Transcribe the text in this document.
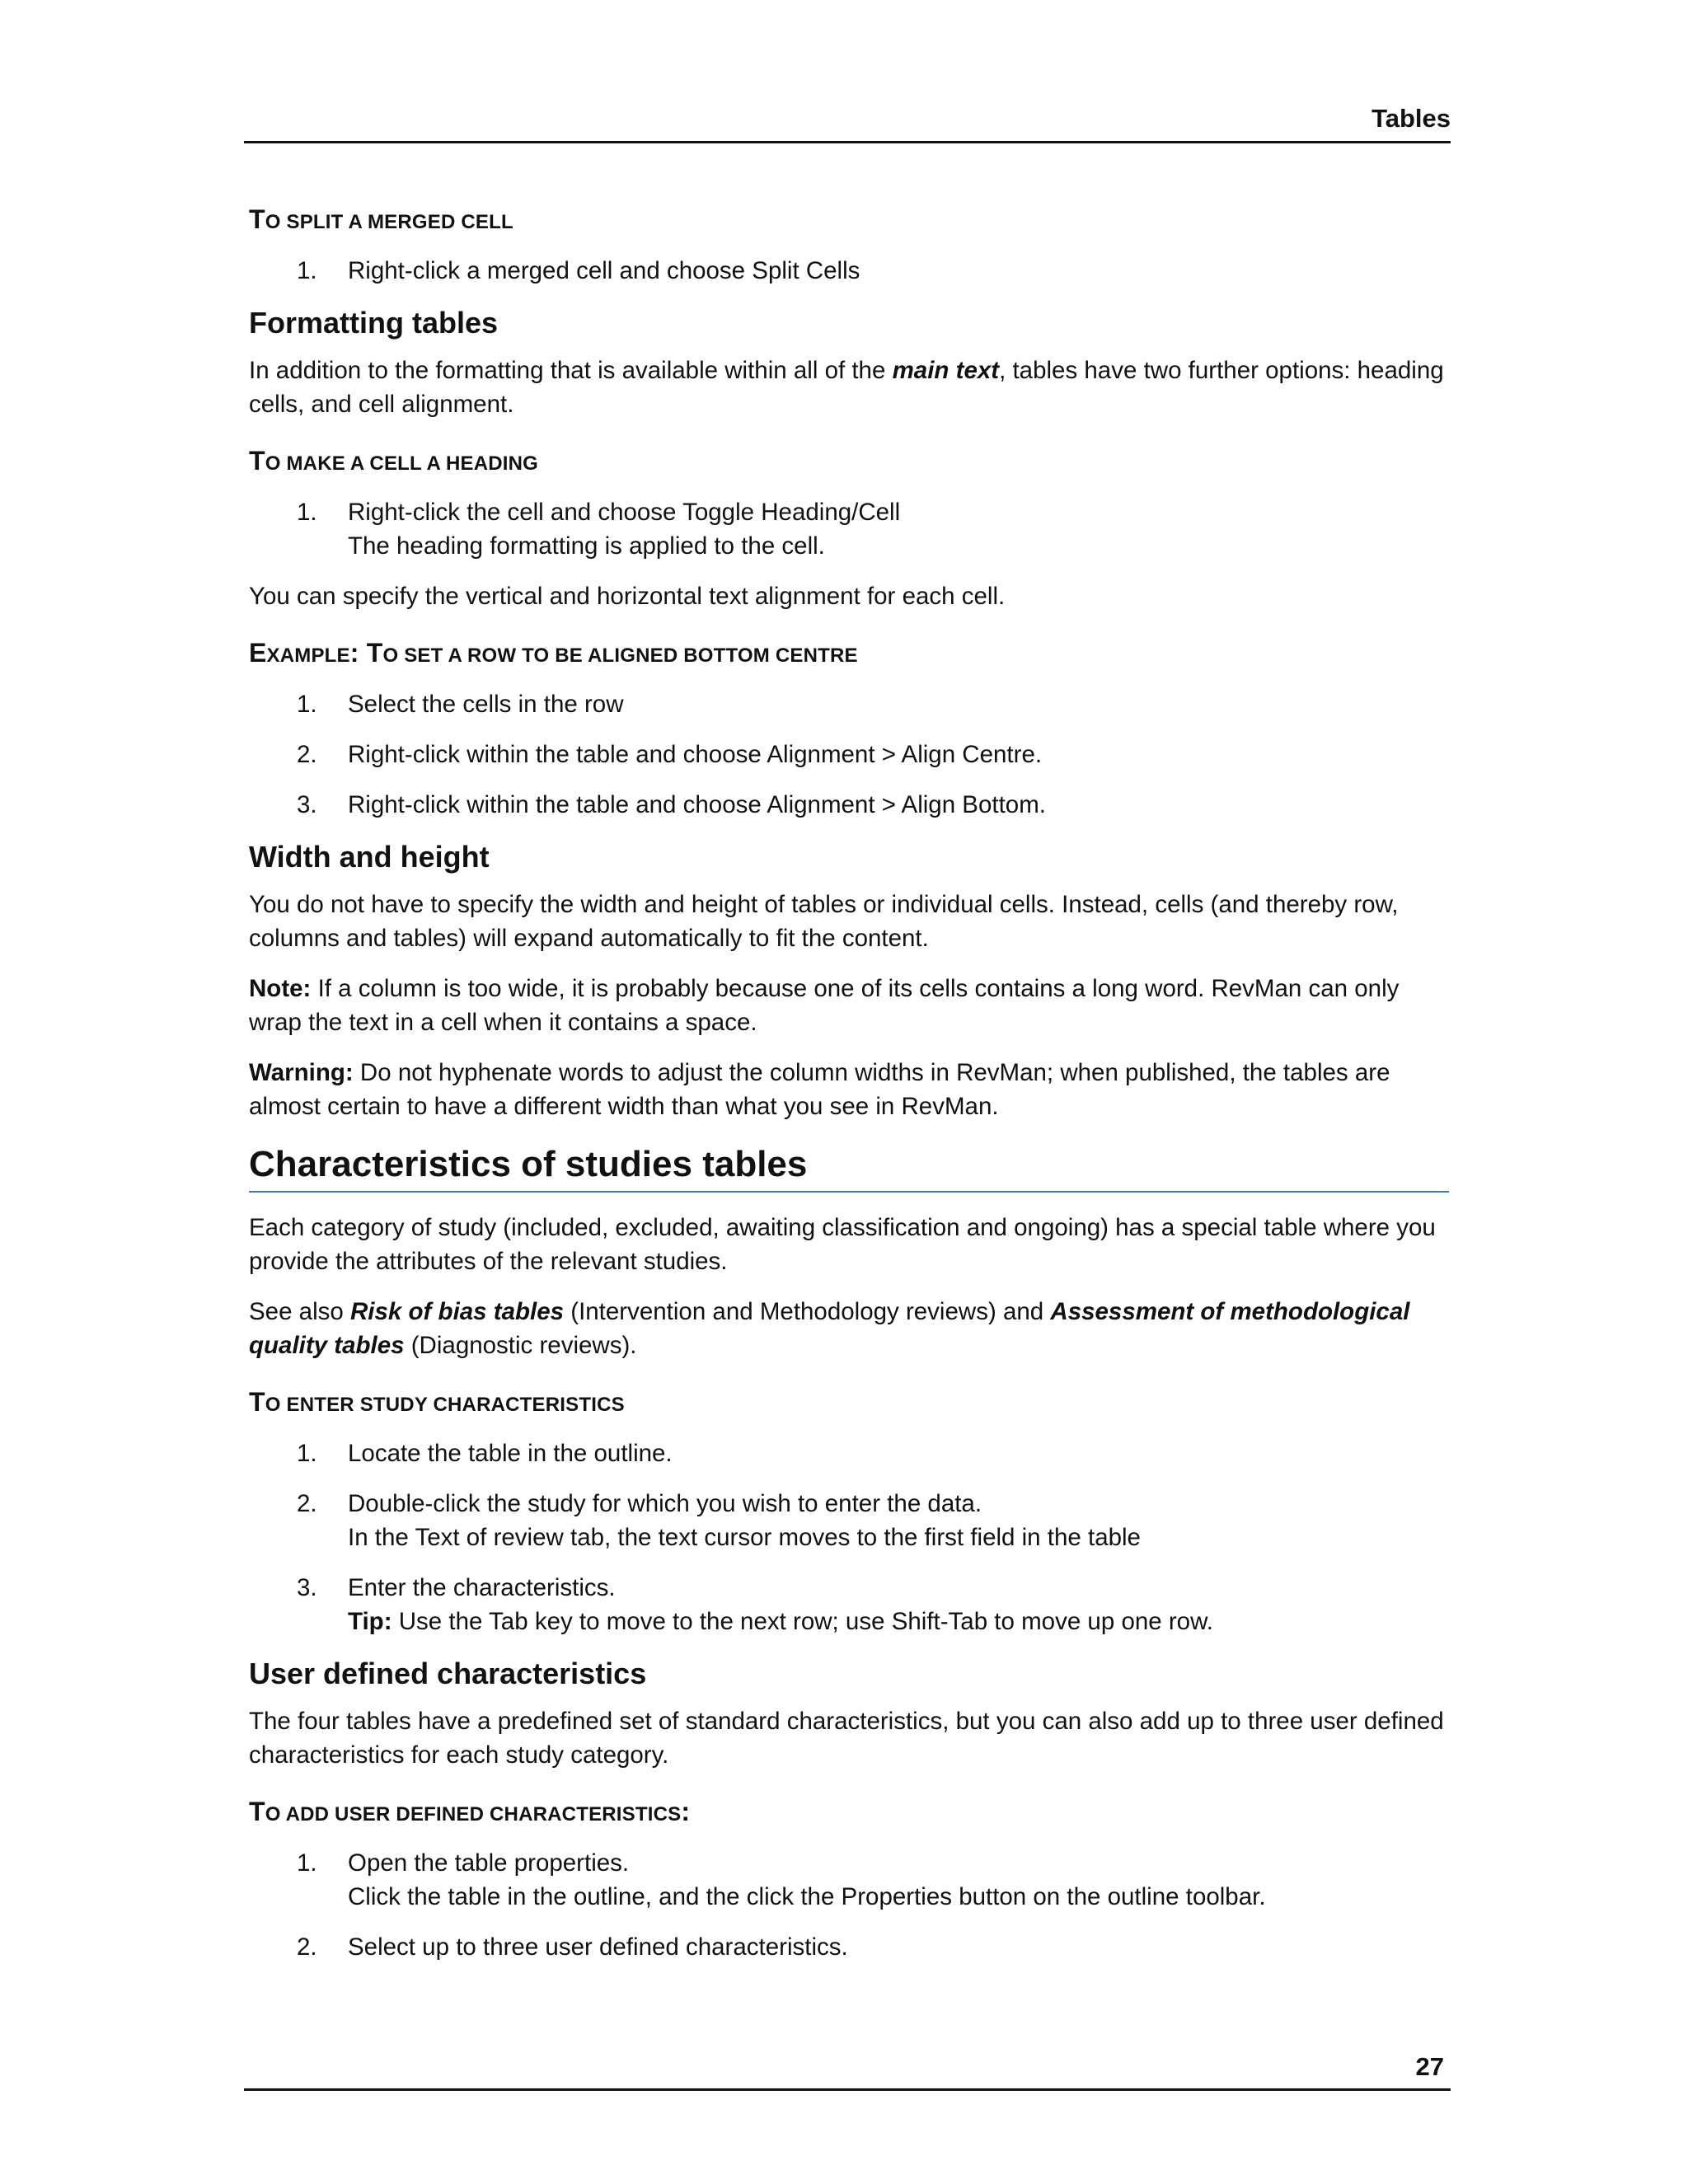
Tables
TO SPLIT A MERGED CELL
1. Right-click a merged cell and choose Split Cells
Formatting tables

In addition to the formatting that is available within all of the main text, tables have two further options: heading cells, and cell alignment.

TO MAKE A CELL A HEADING
1. Right-click the cell and choose Toggle Heading/Cell
The heading formatting is applied to the cell.

You can specify the vertical and horizontal text alignment for each cell.

EXAMPLE: TO SET A ROW TO BE ALIGNED BOTTOM CENTRE
1. Select the cells in the row
2. Right-click within the table and choose Alignment > Align Centre.
3. Right-click within the table and choose Alignment > Align Bottom.
Width and height

You do not have to specify the width and height of tables or individual cells. Instead, cells (and thereby row, columns and tables) will expand automatically to fit the content.

Note: If a column is too wide, it is probably because one of its cells contains a long word. RevMan can only wrap the text in a cell when it contains a space.

Warning: Do not hyphenate words to adjust the column widths in RevMan; when published, the tables are almost certain to have a different width than what you see in RevMan.

Characteristics of studies tables

Each category of study (included, excluded, awaiting classification and ongoing) has a special table where you provide the attributes of the relevant studies.

See also Risk of bias tables (Intervention and Methodology reviews) and Assessment of methodological quality tables (Diagnostic reviews).

TO ENTER STUDY CHARACTERISTICS
1. Locate the table in the outline.
2. Double-click the study for which you wish to enter the data.
In the Text of review tab, the text cursor moves to the first field in the table
3. Enter the characteristics.
Tip: Use the Tab key to move to the next row; use Shift-Tab to move up one row.
User defined characteristics

The four tables have a predefined set of standard characteristics, but you can also add up to three user defined characteristics for each study category.

TO ADD USER DEFINED CHARACTERISTICS:
1. Open the table properties.
Click the table in the outline, and the click the Properties button on the outline toolbar.
2. Select up to three user defined characteristics.
27
